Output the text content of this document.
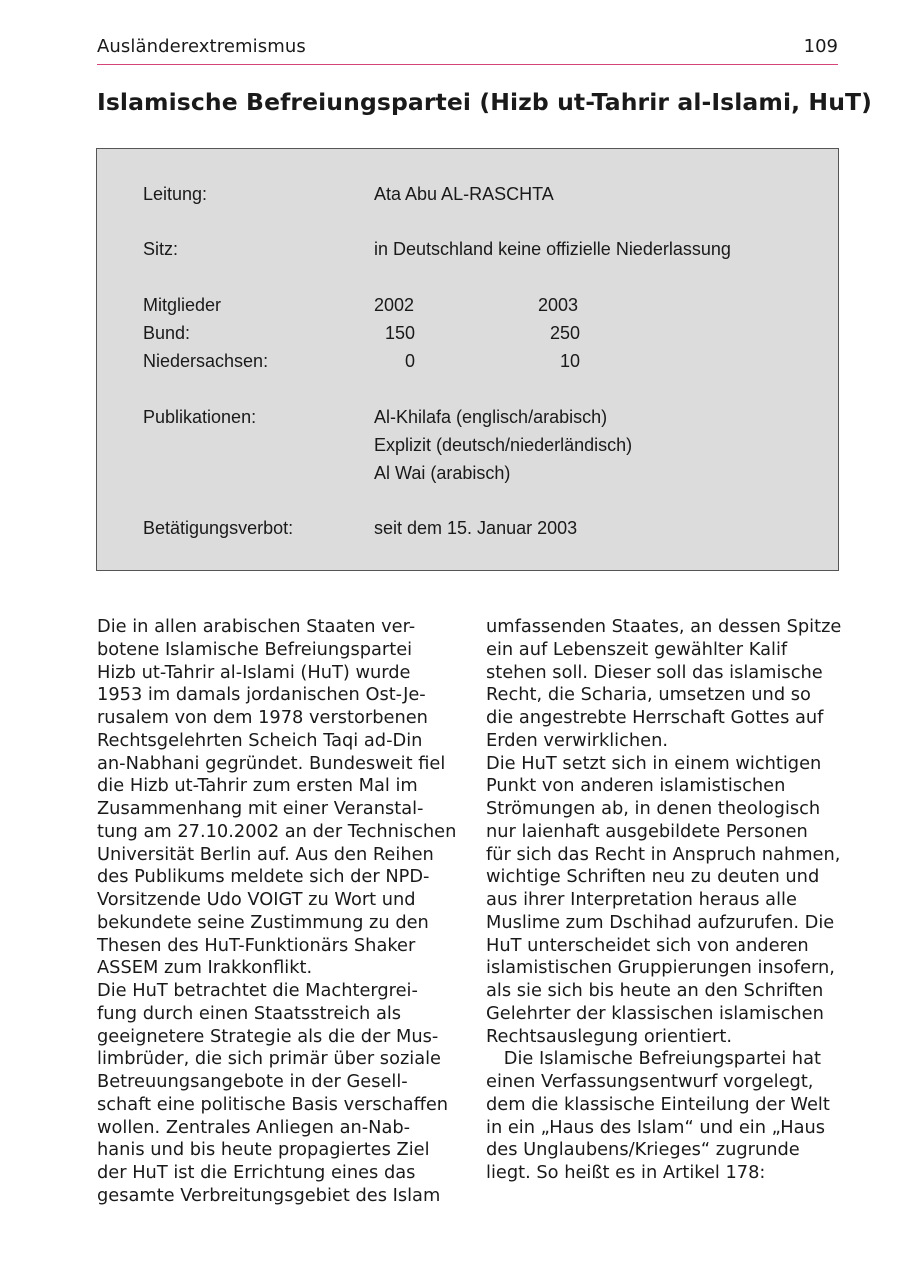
Ausländerextremismus	109
Islamische Befreiungspartei (Hizb ut-Tahrir al-Islami, HuT)
Leitung:	Ata Abu AL-RASCHTA
Sitz:	in Deutschland keine offizielle Niederlassung
Mitglieder	2002	2003
Bund:	150	250
Niedersachsen:	0	10
Publikationen:	Al-Khilafa (englisch/arabisch)
Explizit (deutsch/niederländisch)
Al Wai (arabisch)
Betätigungsverbot:	seit dem 15. Januar 2003

Die in allen arabischen Staaten ver-

botene Islamische Befreiungspartei

Hizb ut-Tahrir al-Islami (HuT) wurde

1953 im damals jordanischen Ost-Je-

rusalem von dem 1978 verstorbenen

Rechtsgelehrten Scheich Taqi ad-Din

an-Nabhani gegründet. Bundesweit fiel

die Hizb ut-Tahrir zum ersten Mal im

Zusammenhang mit einer Veranstal-

tung am 27.10.2002 an der Technischen

Universität Berlin auf. Aus den Reihen

des Publikums meldete sich der NPD-

Vorsitzende Udo VOIGT zu Wort und

bekundete seine Zustimmung zu den

Thesen des HuT-Funktionärs Shaker

ASSEM zum Irakkonflikt.

Die HuT betrachtet die Machtergrei-

fung durch einen Staatsstreich als

geeignetere Strategie als die der Mus-

limbrüder, die sich primär über soziale

Betreuungsangebote in der Gesell-

schaft eine politische Basis verschaffen

wollen. Zentrales Anliegen an-Nab-

hanis und bis heute propagiertes Ziel

der HuT ist die Errichtung eines das

gesamte Verbreitungsgebiet des Islam

umfassenden Staates, an dessen Spitze

ein auf Lebenszeit gewählter Kalif

stehen soll. Dieser soll das islamische

Recht, die Scharia, umsetzen und so

die angestrebte Herrschaft Gottes auf

Erden verwirklichen.

Die HuT setzt sich in einem wichtigen

Punkt von anderen islamistischen

Strömungen ab, in denen theologisch

nur laienhaft ausgebildete Personen

für sich das Recht in Anspruch nahmen,

wichtige Schriften neu zu deuten und

aus ihrer Interpretation heraus alle

Muslime zum Dschihad aufzurufen. Die

HuT unterscheidet sich von anderen

islamistischen Gruppierungen insofern,

als sie sich bis heute an den Schriften

Gelehrter der klassischen islamischen

Rechtsauslegung orientiert.

 Die Islamische Befreiungspartei hat

einen Verfassungsentwurf vorgelegt,

dem die klassische Einteilung der Welt

in ein „Haus des Islam“ und ein „Haus

des Unglaubens/Krieges“ zugrunde

liegt. So heißt es in Artikel 178:
